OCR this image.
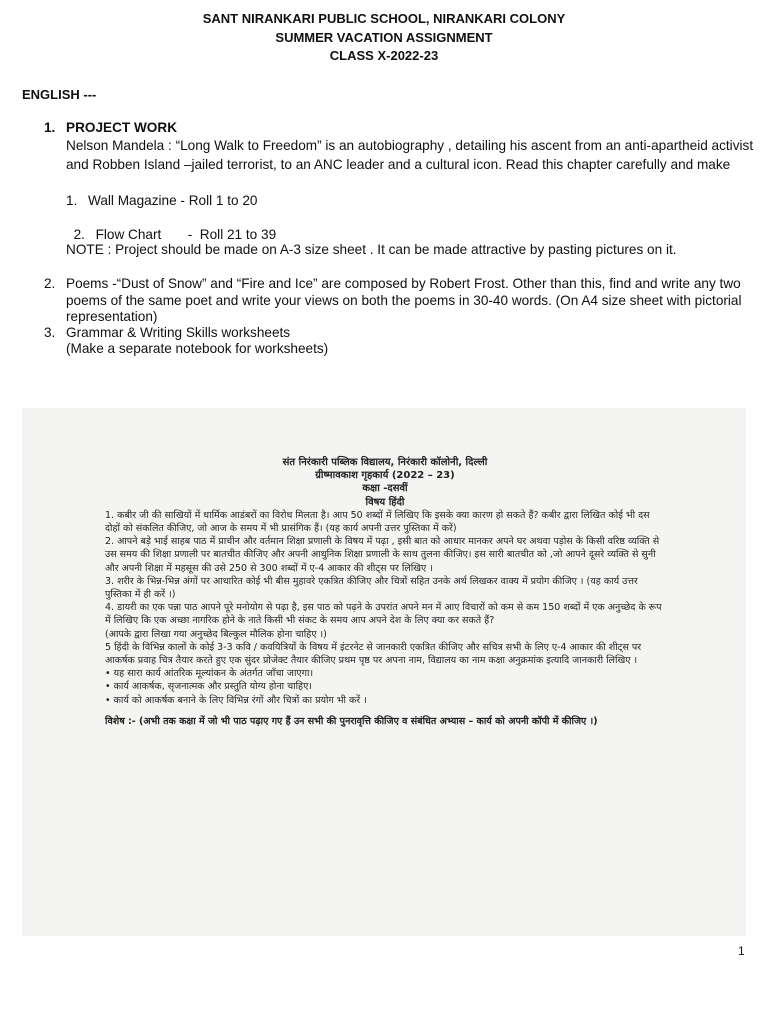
SANT NIRANKARI PUBLIC SCHOOL, NIRANKARI COLONY
SUMMER VACATION ASSIGNMENT
CLASS X-2022-23
ENGLISH ---
1. PROJECT WORK
Nelson Mandela : “Long Walk to Freedom” is an autobiography , detailing his ascent from an anti-apartheid activist and Robben Island –jailed terrorist, to an ANC leader and a cultural icon. Read this chapter carefully and make
1. Wall Magazine - Roll 1 to 20

2. Flow Chart       -  Roll 21 to 39

NOTE : Project should be made on A-3 size sheet . It can be made attractive by pasting pictures on it.
2. Poems -“Dust of Snow” and “Fire and Ice” are composed by Robert Frost. Other than this, find and write any two poems of the same poet and write your views on both the poems in 30-40 words. (On A4 size sheet with pictorial representation)
3. Grammar & Writing Skills worksheets
(Make a separate notebook for worksheets)
संत निरंकारी पब्लिक विद्यालय, निरंकारी कॉलोनी, दिल्ली
ग्रीष्मावकाश गृहकार्य (2022 – 23)
कक्षा -दसवीं
विषय हिंदी

1. कबीर जी की साखियों में धार्मिक आडंबरों का विरोध मिलता है। आप 50 शब्दों में लिखिए कि इसके क्या कारण हो सकते हैं? कबीर द्वारा लिखित कोई भी दस दोहों को संकलित कीजिए, जो आज के समय में भी प्रासंगिक हैं। (यह कार्य अपनी उत्तर पुस्तिका में करें)

2. आपने बड़े भाई साहब पाठ में प्राचीन और वर्तमान शिक्षा प्रणाली के विषय में पढ़ा , इसी बात को आधार मानकर अपने घर अथवा पड़ोस के किसी वरिष्ठ व्यक्ति से उस समय की शिक्षा प्रणाली पर बातचीत कीजिए और अपनी आधुनिक शिक्षा प्रणाली के साथ तुलना कीजिए। इस सारी बातचीत को ,जो आपने दूसरे व्यक्ति से सुनी और अपनी शिक्षा में महसूस की उसे 250 से 300 शब्दों में ए-4 आकार की शीट्स पर लिखिए ।

3. शरीर के भिन्न-भिन्न अंगों पर आधारित कोई भी बीस मुहावरे एकत्रित कीजिए और चित्रों सहित उनके अर्थ लिखकर वाक्य में प्रयोग कीजिए । (यह कार्य उत्तर पुस्तिका में ही करें ।)

4. डायरी का एक पन्ना पाठ आपने पूरे मनोयोग से पढ़ा है, इस पाठ को पढ़ने के उपरांत अपने मन में आए विचारों को कम से कम 150 शब्दों में एक अनुच्छेद के रूप में लिखिए कि एक अच्छा नागरिक होने के नाते किसी भी संकट के समय आप अपने देश के लिए क्या कर सकते हैं?

(आपके द्वारा लिखा गया अनुच्छेद बिल्कुल मौलिक होना चाहिए ।)

5 हिंदी के विभिन्न कालों के कोई 3-3 कवि / कवयित्रियों के विषय में इंटरनेट से जानकारी एकत्रित कीजिए और सचित्र सभी के लिए ए-4 आकार की शीट्स पर आकर्षक प्रवाह चित्र तैयार करते हुए एक सुंदर प्रोजेक्ट तैयार कीजिए प्रथम पृष्ठ पर अपना नाम, विद्यालय का नाम कक्षा अनुक्रमांक इत्यादि जानकारी लिखिए ।

• यह सारा कार्य आंतरिक मूल्यांकन के अंतर्गत जाँचा जाएगा।

• कार्य आकर्षक, सृजनात्मक और प्रस्तुति योग्य होना चाहिए।

• कार्य को आकर्षक बनाने के लिए विभिन्न रंगों और चित्रों का प्रयोग भी करें ।

विशेष :- (अभी तक कक्षा में जो भी पाठ पढ़ाए गए हैं उन सभी की पुनरावृत्ति कीजिए व संबंधित अभ्यास – कार्य को अपनी कॉपी में कीजिए ।)

1
